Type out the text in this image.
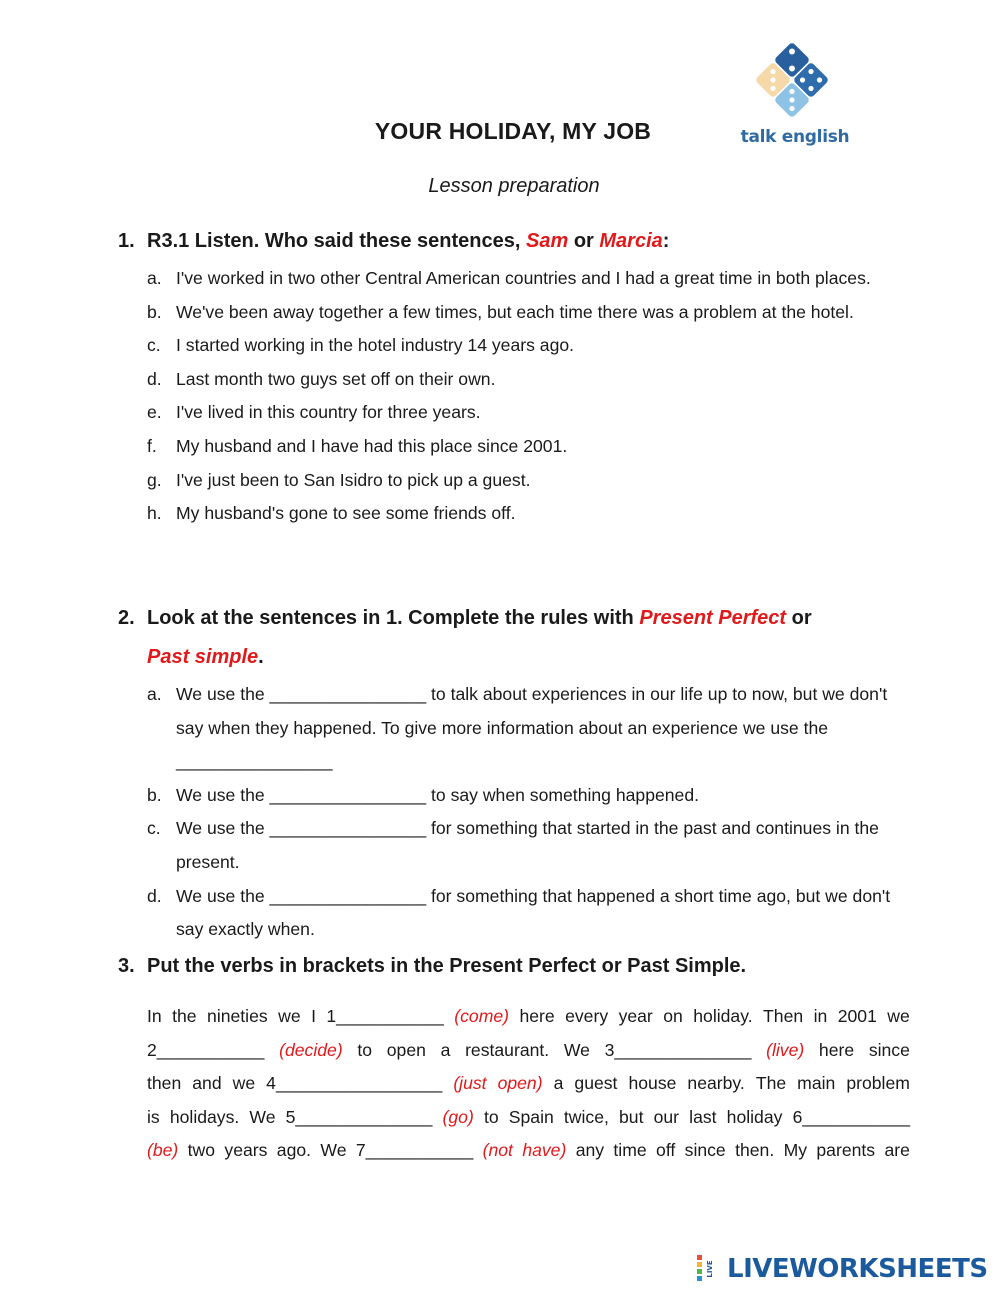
talk english
YOUR HOLIDAY, MY JOB
Lesson preparation
1. R3.1 Listen. Who said these sentences, Sam or Marcia:
a. I've worked in two other Central American countries and I had a great time in both places.
b. We've been away together a few times, but each time there was a problem at the hotel.
c. I started working in the hotel industry 14 years ago.
d. Last month two guys set off on their own.
e. I've lived in this country for three years.
f. My husband and I have had this place since 2001.
g. I've just been to San Isidro to pick up a guest.
h. My husband's gone to see some friends off.
2. Look at the sentences in 1. Complete the rules with Present Perfect or
Past simple.
a. We use the ________________ to talk about experiences in our life up to now, but we don't say when they happened. To give more information about an experience we use the ________________
b. We use the ________________ to say when something happened.
c. We use the ________________ for something that started in the past and continues in the present.
d. We use the ________________ for something that happened a short time ago, but we don't say exactly when.
3. Put the verbs in brackets in the Present Perfect or Past Simple.
In the nineties we I 1___________ (come) here every year on holiday. Then in 2001 we
2___________ (decide) to open a restaurant. We 3______________ (live) here since
then and we 4_________________ (just open) a guest house nearby. The main problem
is holidays. We 5______________ (go) to Spain twice, but our last holiday 6___________
(be) two years ago. We 7___________ (not have) any time off since then. My parents are
LIVE LIVEWORKSHEETS
